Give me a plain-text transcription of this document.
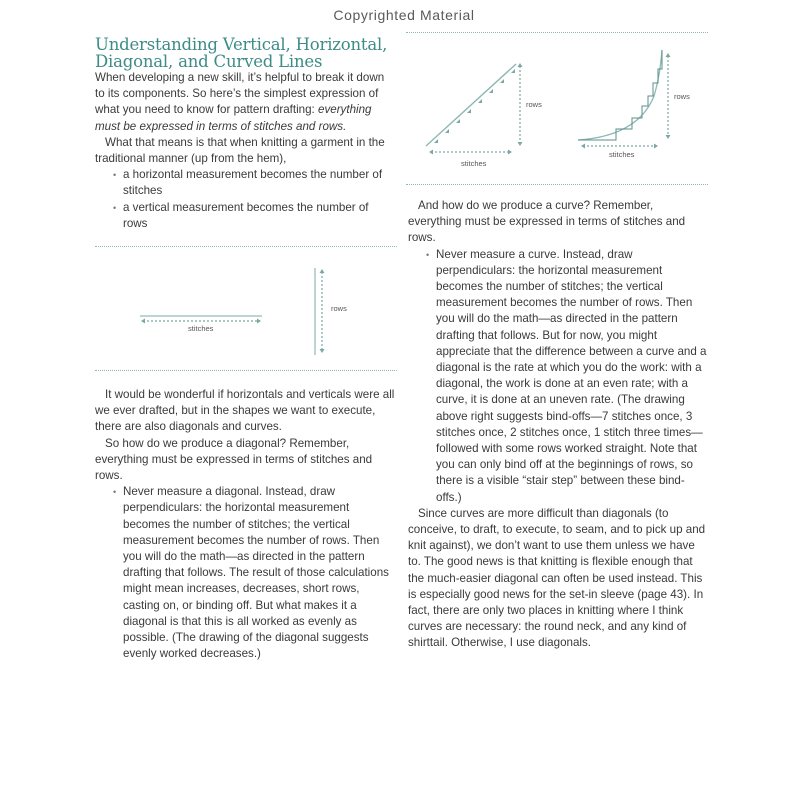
Copyrighted Material
Understanding Vertical, Horizontal, Diagonal, and Curved Lines

When developing a new skill, it’s helpful to break it down to its components. So here’s the simplest expression of what you need to know for pattern drafting: everything must be expressed in terms of stitches and rows.

What that means is that when knitting a garment in the traditional manner (up from the hem),

• a horizontal measurement becomes the number of stitches
• a vertical measurement becomes the number of rows
stitches
rows

It would be wonderful if horizontals and verticals were all we ever drafted, but in the shapes we want to execute, there are also diagonals and curves.

So how do we produce a diagonal? Remember, everything must be expressed in terms of stitches and rows.

• Never measure a diagonal. Instead, draw perpendiculars: the horizontal measurement becomes the number of stitches; the vertical measurement becomes the number of rows. Then you will do the math—as directed in the pattern drafting that follows. The result of those calculations might mean increases, decreases, short rows, casting on, or binding off. But what makes it a diagonal is that this is all worked as evenly as possible. (The drawing of the diagonal suggests evenly worked decreases.)
stitches
rows
stitches
rows

And how do we produce a curve? Remember, everything must be expressed in terms of stitches and rows.

• Never measure a curve. Instead, draw perpendiculars: the horizontal measurement becomes the number of stitches; the vertical measurement becomes the number of rows. Then you will do the math—as directed in the pattern drafting that follows. But for now, you might appreciate that the difference between a curve and a diagonal is the rate at which you do the work: with a diagonal, the work is done at an even rate; with a curve, it is done at an uneven rate. (The drawing above right suggests bind-offs—7 stitches once, 3 stitches once, 2 stitches once, 1 stitch three times—followed with some rows worked straight. Note that you can only bind off at the beginnings of rows, so there is a visible “stair step” between these bind-offs.)

Since curves are more difficult than diagonals (to conceive, to draft, to execute, to seam, and to pick up and knit against), we don’t want to use them unless we have to. The good news is that knitting is flexible enough that the much-easier diagonal can often be used instead. This is especially good news for the set-in sleeve (page 43). In fact, there are only two places in knitting where I think curves are necessary: the round neck, and any kind of shirttail. Otherwise, I use diagonals.
